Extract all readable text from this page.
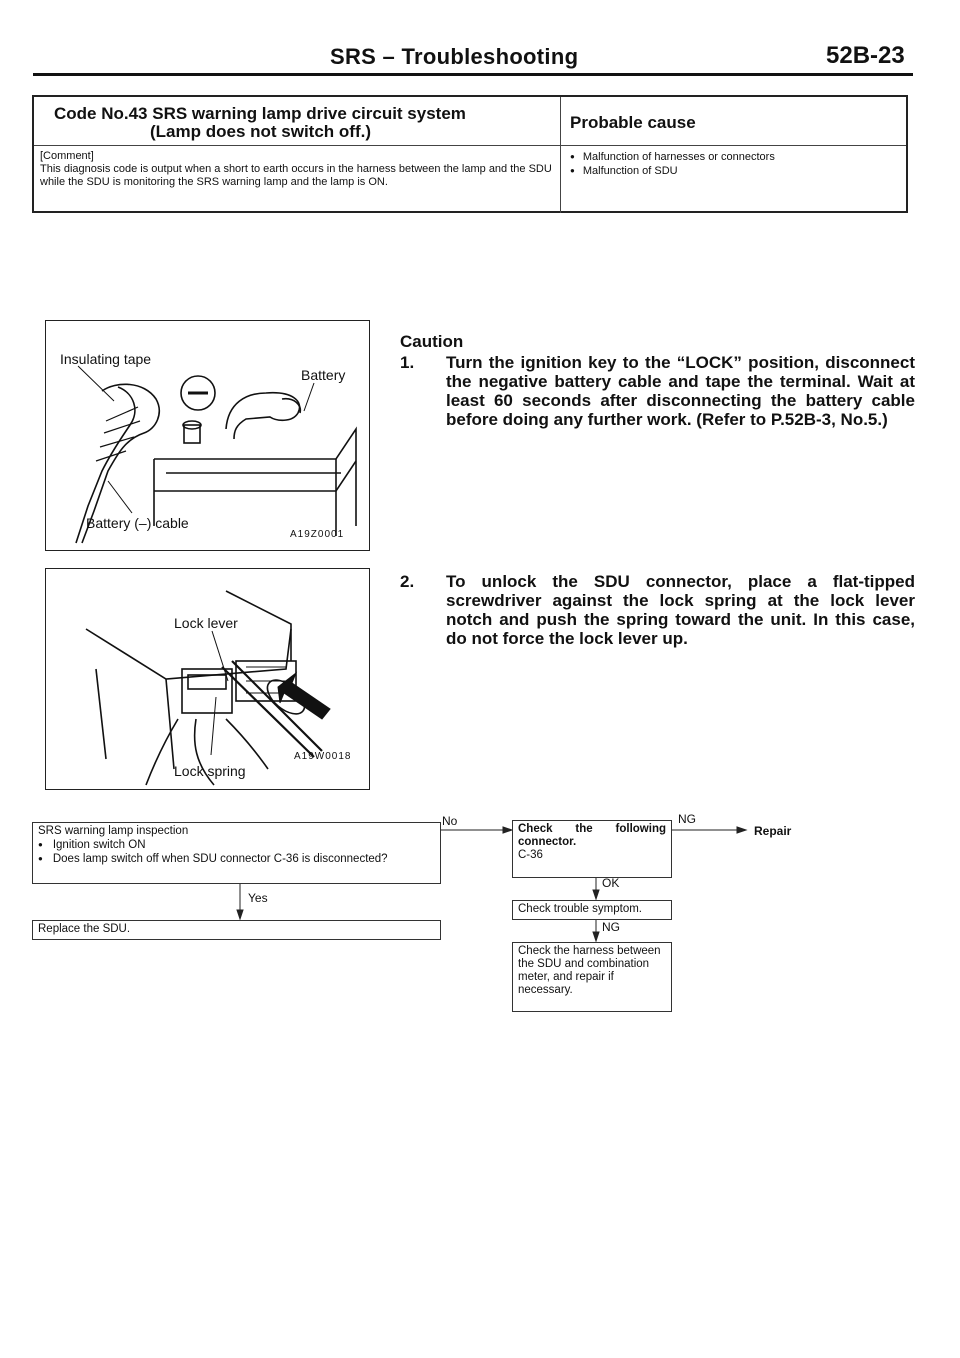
SRS – Troubleshooting	52B-23
Code No.43 SRS warning lamp drive circuit system
(Lamp does not switch off.)	Probable cause
[Comment]
This diagnosis code is output when a short to earth occurs in the harness between the lamp and the SDU while the SDU is monitoring the SRS warning lamp and the lamp is ON.
● Malfunction of harnesses or connectors
● Malfunction of SDU
Insulating tape
Battery
Battery (–) cable
A19Z0001
Lock lever
Lock spring
A19W0018
Caution
1. Turn the ignition key to the “LOCK” position, disconnect the negative battery cable and tape the terminal. Wait at least 60 seconds after disconnecting the battery cable before doing any further work. (Refer to P.52B-3, No.5.)
2. To unlock the SDU connector, place a flat-tipped screwdriver against the lock spring at the lock lever notch and push the spring toward the unit. In this case, do not force the lock lever up.
SRS warning lamp inspection
● Ignition switch ON
● Does lamp switch off when SDU connector C-36 is disconnected?
No
Yes
Replace the SDU.
Check the following
connector.
C-36
NG
Repair
OK
Check trouble symptom.
NG
Check the harness between the SDU and combination meter, and repair if necessary.
